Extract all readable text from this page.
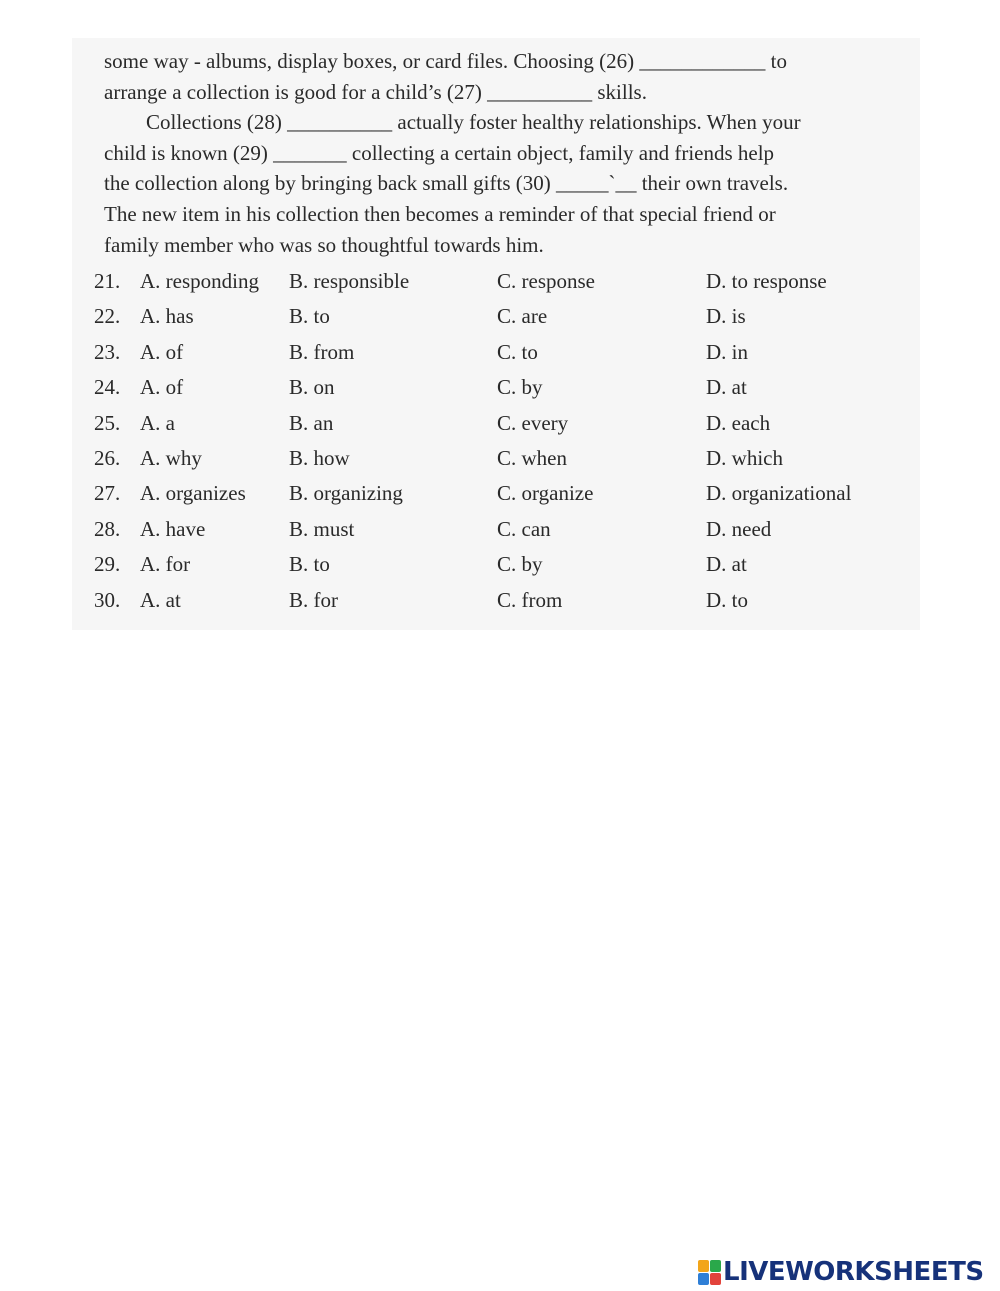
some way - albums, display boxes, or card files. Choosing (26) ____________ to
arrange a collection is good for a child’s (27) __________ skills.
Collections (28) __________ actually foster healthy relationships. When your
child is known (29) _______ collecting a certain object, family and friends help
the collection along by bringing back small gifts (30) _____`__ their own travels.
The new item in his collection then becomes a reminder of that special friend or
family member who was so thoughtful towards him.
21. A. responding B. responsible	C. response	D. to response
22. A. has	B. to	C. are	D. is
23. A. of	B. from	C. to	D. in
24. A. of	B. on	C. by	D. at
25. A. a	B. an	C. every	D. each
26. A. why	B. how	C. when	D. which
27. A. organizes B. organizing	C. organize	D. organizational
28. A. have	B. must	C. can	D. need
29. A. for	B. to	C. by	D. at
30. A. at	B. for	C. from	D. to
LIVEWORKSHEETS
